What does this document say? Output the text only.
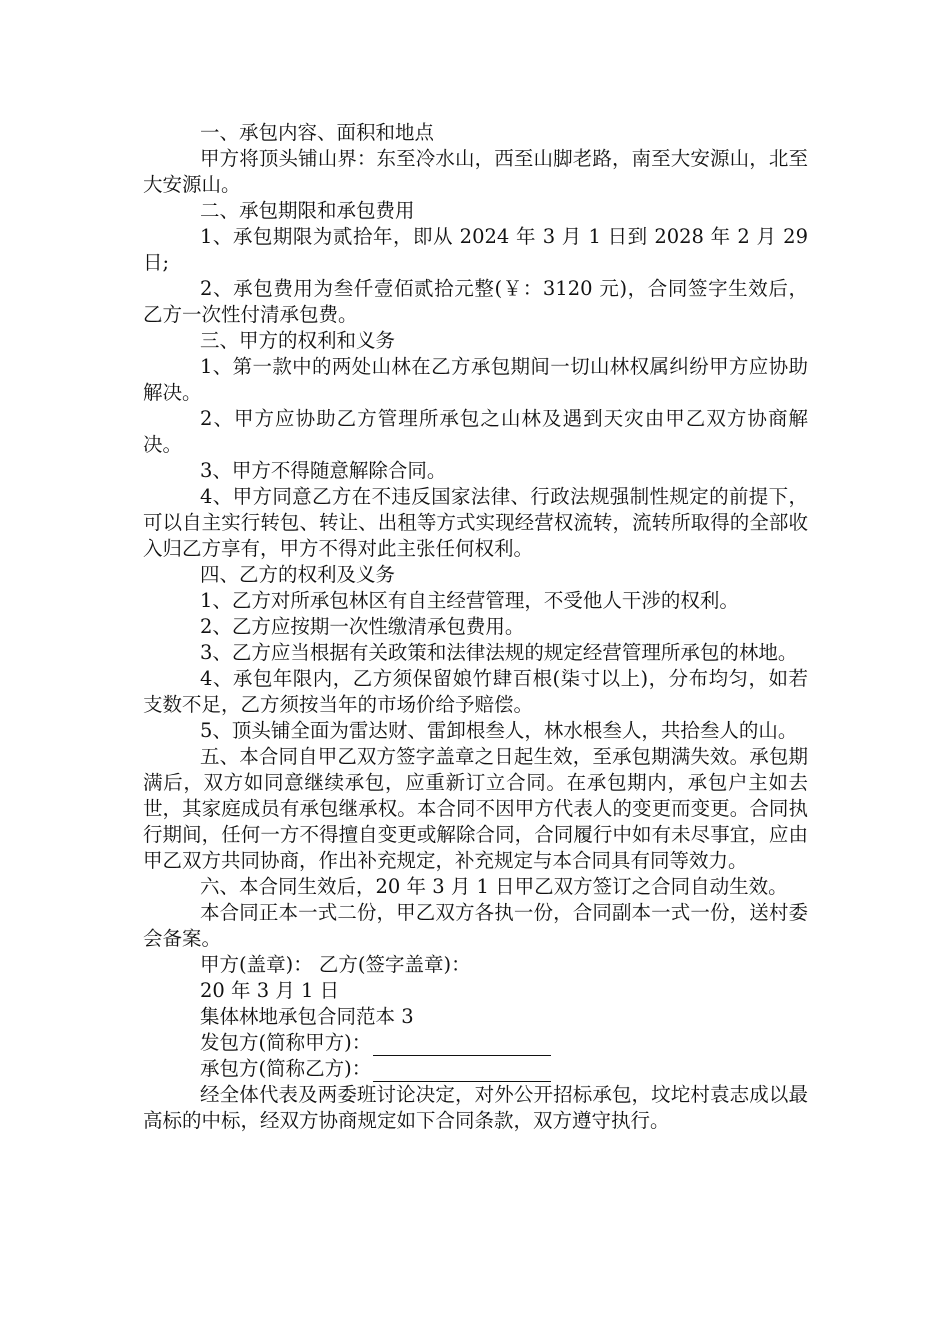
一、承包内容、面积和地点

甲方将顶头铺山界：东至冷水山，西至山脚老路，南至大安源山，北至大安源山。

二、承包期限和承包费用

1、承包期限为贰拾年，即从 2024 年 3 月 1 日到 2028 年 2 月 29 日;

2、承包费用为叁仟壹佰贰拾元整(￥：3120 元)，合同签字生效后，乙方一次性付清承包费。

三、甲方的权利和义务

1、第一款中的两处山林在乙方承包期间一切山林权属纠纷甲方应协助解决。

2、甲方应协助乙方管理所承包之山林及遇到天灾由甲乙双方协商解决。

3、甲方不得随意解除合同。

4、甲方同意乙方在不违反国家法律、行政法规强制性规定的前提下，可以自主实行转包、转让、出租等方式实现经营权流转，流转所取得的全部收入归乙方享有，甲方不得对此主张任何权利。

四、乙方的权利及义务

1、乙方对所承包林区有自主经营管理，不受他人干涉的权利。

2、乙方应按期一次性缴清承包费用。

3、乙方应当根据有关政策和法律法规的规定经营管理所承包的林地。

4、承包年限内，乙方须保留娘竹肆百根(柒寸以上)，分布均匀，如若支数不足，乙方须按当年的市场价给予赔偿。

5、顶头铺全面为雷达财、雷卸根叁人，林水根叁人，共拾叁人的山。

五、本合同自甲乙双方签字盖章之日起生效，至承包期满失效。承包期满后，双方如同意继续承包，应重新订立合同。在承包期内，承包户主如去世，其家庭成员有承包继承权。本合同不因甲方代表人的变更而变更。合同执行期间，任何一方不得擅自变更或解除合同，合同履行中如有未尽事宜，应由甲乙双方共同协商，作出补充规定，补充规定与本合同具有同等效力。

六、本合同生效后，20 年 3 月 1 日甲乙双方签订之合同自动生效。

本合同正本一式二份，甲乙双方各执一份，合同副本一式一份，送村委会备案。

甲方(盖章)： 乙方(签字盖章)：

20 年 3 月 1 日

集体林地承包合同范本 3

发包方(简称甲方)：

承包方(简称乙方)：

经全体代表及两委班讨论决定，对外公开招标承包，坟坨村袁志成以最高标的中标，经双方协商规定如下合同条款，双方遵守执行。
